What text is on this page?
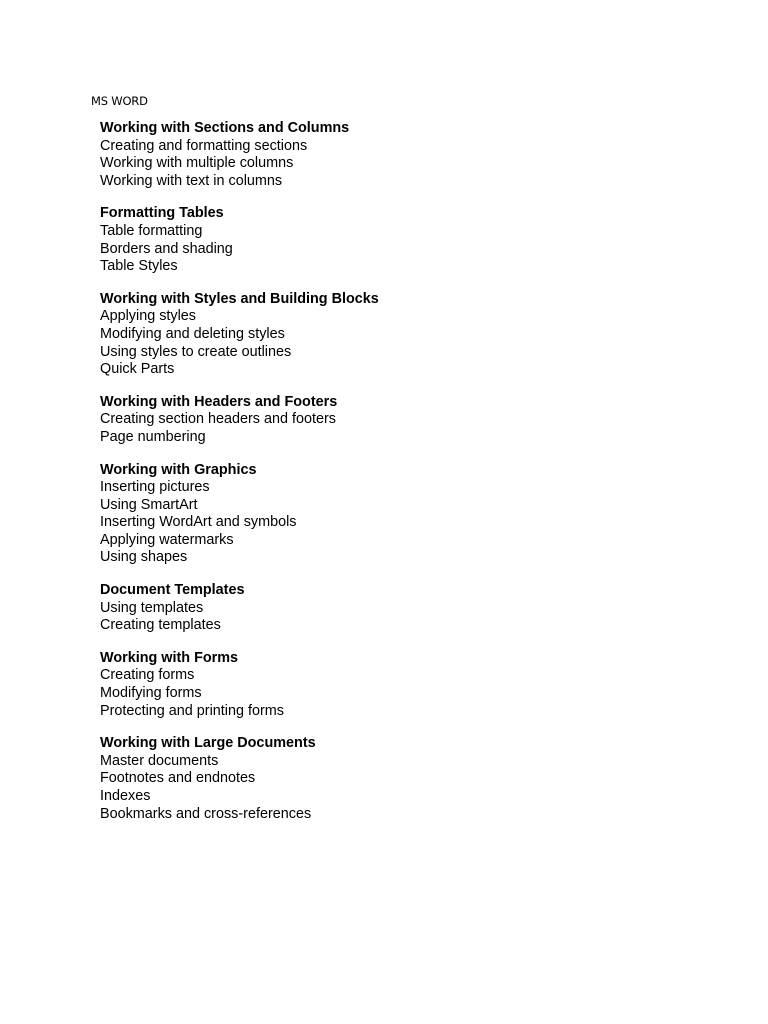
MS WORD
Working with Sections and Columns
Creating and formatting sections
Working with multiple columns
Working with text in columns
Formatting Tables
Table formatting
Borders and shading
Table Styles
Working with Styles and Building Blocks
Applying styles
Modifying and deleting styles
Using styles to create outlines
Quick Parts
Working with Headers and Footers
Creating section headers and footers
Page numbering
Working with Graphics
Inserting pictures
Using SmartArt
Inserting WordArt and symbols
Applying watermarks
Using shapes
Document Templates
Using templates
Creating templates
Working with Forms
Creating forms
Modifying forms
Protecting and printing forms
Working with Large Documents
Master documents
Footnotes and endnotes
Indexes
Bookmarks and cross-references
